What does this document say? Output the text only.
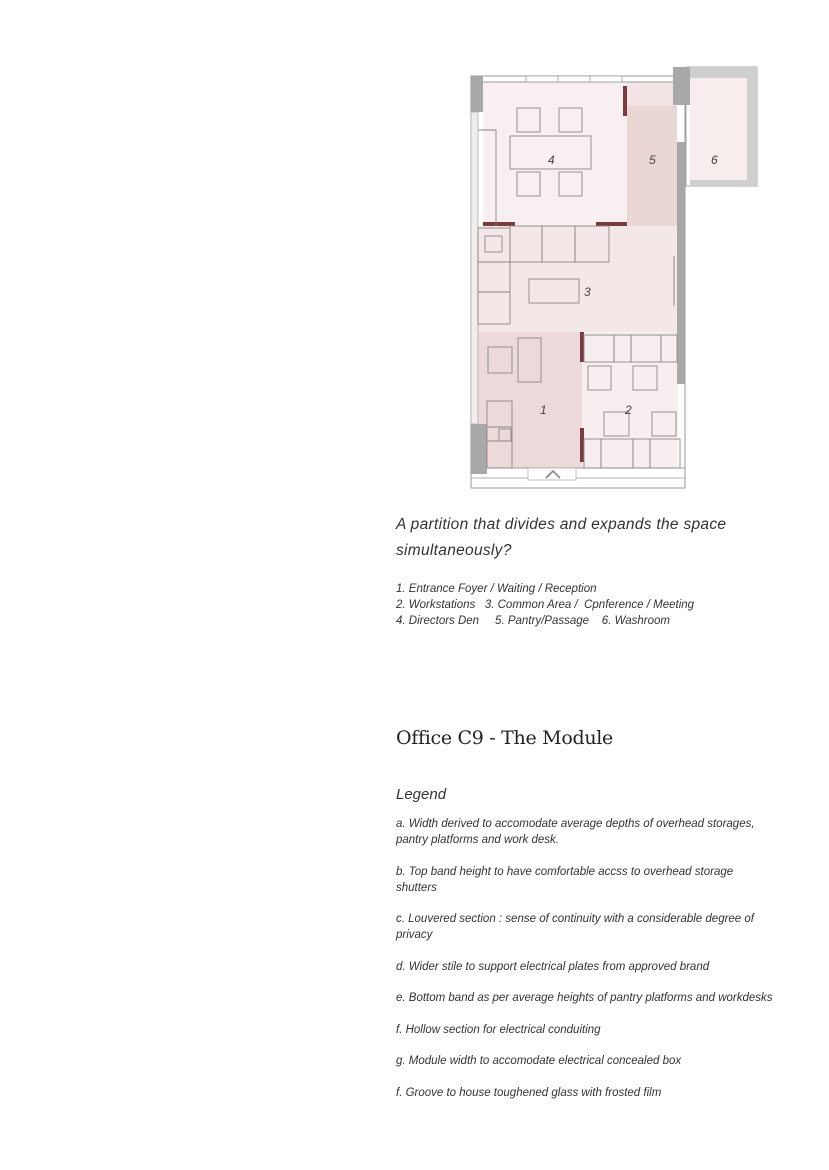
4	5	6
3
1	2
A partition that divides and expands the space simultaneously?
1. Entrance Foyer / Waiting / Reception
2. Workstations   3. Common Area /  Cpnference / Meeting
4. Directors Den     5. Pantry/Passage    6. Washroom
Office C9 - The Module
Legend
a. Width derived to accomodate average depths of overhead storages, pantry platforms and work desk.
b. Top band height to have comfortable accss to overhead storage shutters
c. Louvered section : sense of continuity with a considerable degree of privacy
d. Wider stile to support electrical plates from approved brand
e. Bottom band as per average heights of pantry platforms and workdesks
f. Hollow section for electrical conduiting
g. Module width to accomodate electrical concealed box
f. Groove to house toughened glass with frosted film
